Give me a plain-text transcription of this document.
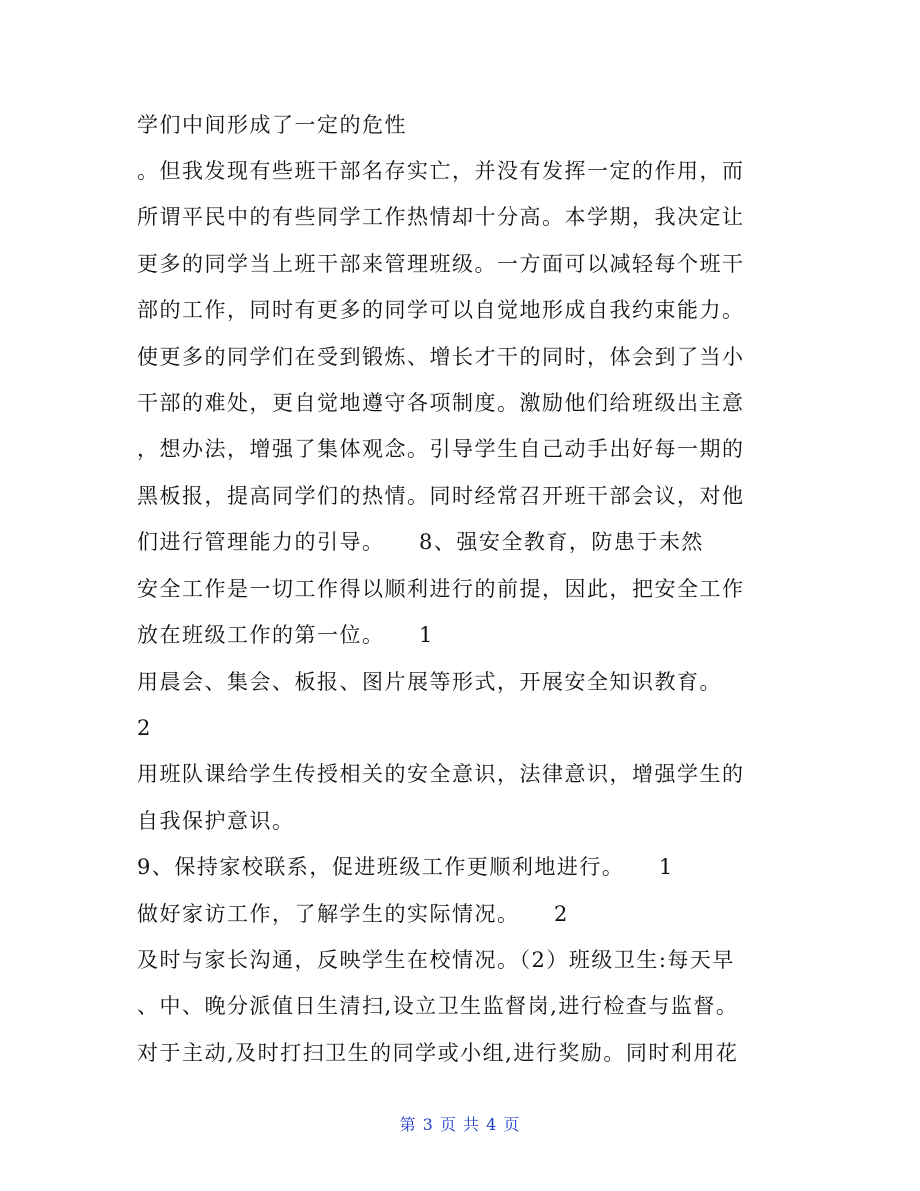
学们中间形成了一定的危性
。但我发现有些班干部名存实亡，并没有发挥一定的作用，而
所谓平民中的有些同学工作热情却十分高。本学期，我决定让
更多的同学当上班干部来管理班级。一方面可以减轻每个班干
部的工作，同时有更多的同学可以自觉地形成自我约束能力。
使更多的同学们在受到锻炼、增长才干的同时，体会到了当小
干部的难处，更自觉地遵守各项制度。激励他们给班级出主意
，想办法，增强了集体观念。引导学生自己动手出好每一期的
黑板报，提高同学们的热情。同时经常召开班干部会议，对他
们进行管理能力的引导。　　8、强安全教育，防患于未然
安全工作是一切工作得以顺利进行的前提，因此，把安全工作
放在班级工作的第一位。　　1
用晨会、集会、板报、图片展等形式，开展安全知识教育。
2
用班队课给学生传授相关的安全意识，法律意识，增强学生的
自我保护意识。
9、保持家校联系，促进班级工作更顺利地进行。　　1
做好家访工作，了解学生的实际情况。　　2
及时与家长沟通，反映学生在校情况。（2）班级卫生:每天早
、中、晚分派值日生清扫,设立卫生监督岗,进行检查与监督。
对于主动,及时打扫卫生的同学或小组,进行奖励。同时利用花
第 3 页 共 4 页
